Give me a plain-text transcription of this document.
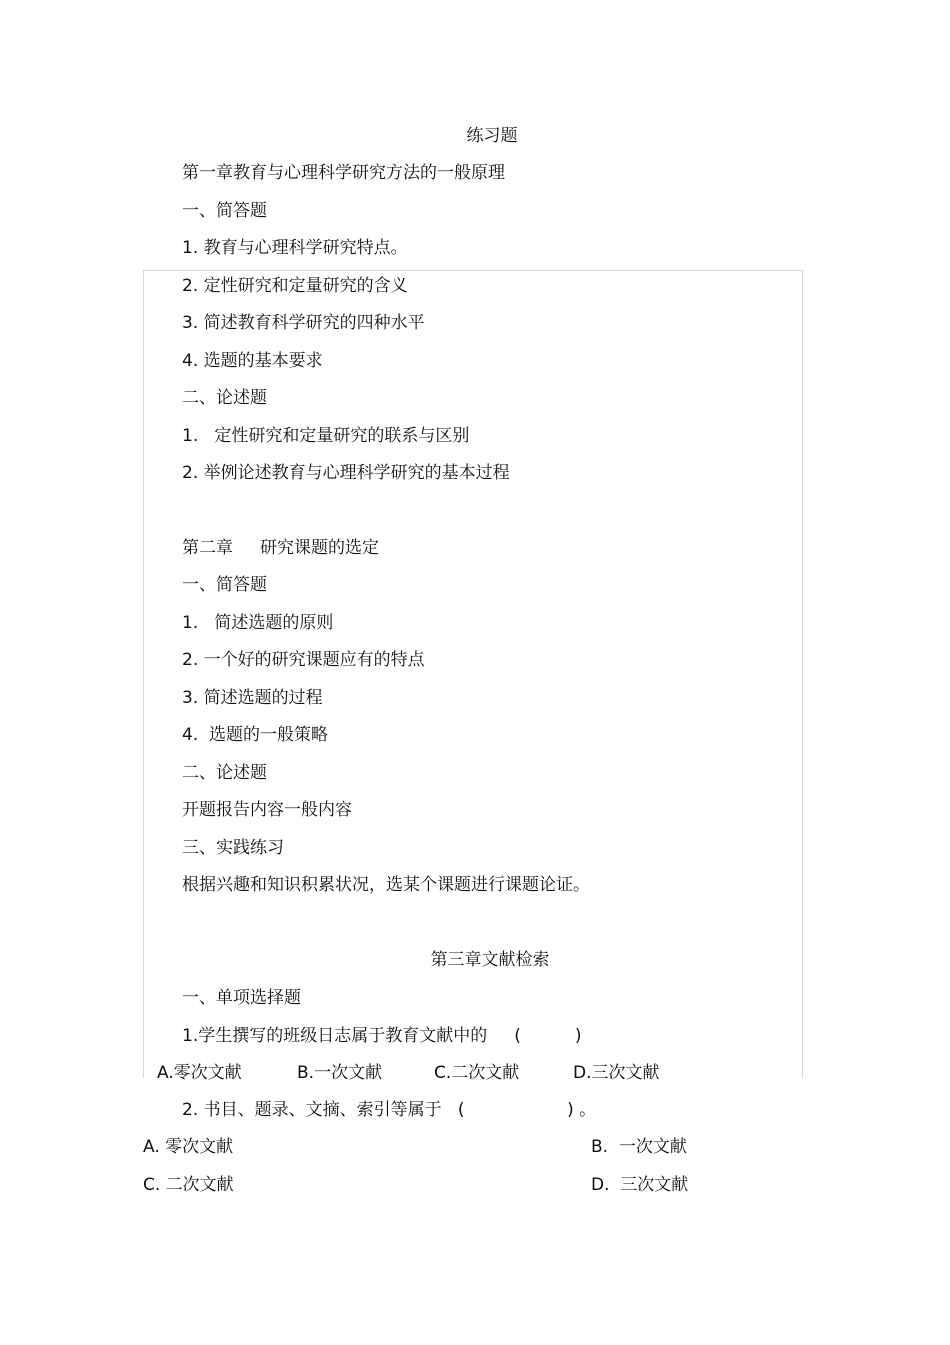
练习题
第一章教育与心理科学研究方法的一般原理
一、简答题
1. 教育与心理科学研究特点。
2. 定性研究和定量研究的含义
3. 简述教育科学研究的四种水平
4. 选题的基本要求
二、论述题
1.   定性研究和定量研究的联系与区别
2. 举例论述教育与心理科学研究的基本过程
第二章     研究课题的选定
一、简答题
1.   简述选题的原则
2. 一个好的研究课题应有的特点
3. 简述选题的过程
4.  选题的一般策略
二、论述题
开题报告内容一般内容
三、实践练习
根据兴趣和知识积累状况，选某个课题进行课题论证。
第三章文献检索
一、单项选择题
1.学生撰写的班级日志属于教育文献中的     (          )
A.零次文献	B.一次文献	C.二次文献	D.三次文献
2. 书目、题录、文摘、索引等属于   (                   ) 。
A. 零次文献	B.  一次文献
C. 二次文献	D.  三次文献
